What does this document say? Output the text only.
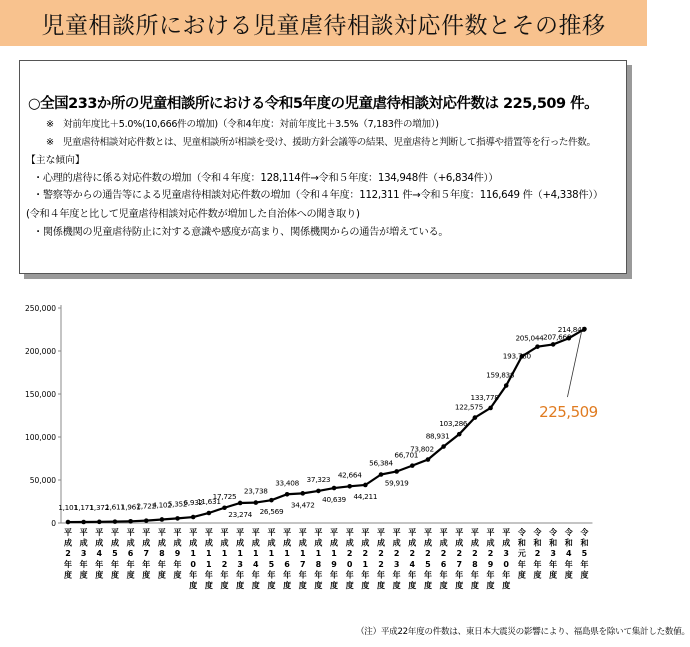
児童相談所における児童虐待相談対応件数とその推移
○全国233か所の児童相談所における令和5年度の児童虐待相談対応件数は 225,509 件。
※　対前年度比＋5.0%(10,666件の増加)（令和4年度：対前年度比＋3.5%（7,183件の増加）)
※　児童虐待相談対応件数とは、児童相談所が相談を受け、援助方針会議等の結果、児童虐待と判断して指導や措置等を行った件数。
【主な傾向】
・心理的虐待に係る対応件数の増加（令和４年度：128,114件→令和５年度：134,948件（+6,834件））
・警察等からの通告等による児童虐待相談対応件数の増加（令和４年度：112,311 件→令和５年度：116,649 件（+4,338件））
(令和４年度と比して児童虐待相談対応件数が増加した自治体への聞き取り)
・関係機関の児童虐待防止に対する意識や感度が高まり、関係機関からの通告が増えている。
0
50,000
100,000
150,000
200,000
250,000
平成 2 年度
平成 3 年度
平成 4 年度
平成 5 年度
平成 6 年度
平成 7 年度
平成 8 年度
平成 9 年度
平成 1 0 年度
平成 1 1 年度
平成 1 2 年度
平成 1 3 年度
平成 1 4 年度
平成 1 5 年度
平成 1 6 年度
平成 1 7 年度
平成 1 8 年度
平成 1 9 年度
平成 2 0 年度
平成 2 1 年度
平成 2 2 年度
平成 2 3 年度
平成 2 4 年度
平成 2 5 年度
平成 2 6 年度
平成 2 7 年度
平成 2 8 年度
平成 2 9 年度
平成 3 0 年度
令和元年度
令和 2 年度
令和 3 年度
令和 4 年度
令和 5 年度
1,101
1,171
1,372
1,611
1,961
2,722
4,102
5,352
6,932
11,631
17,725
23,274
23,738
26,569
33,408
34,472
37,323
40,639
42,664
44,211
56,384
59,919
66,701
73,802
88,931
103,286
122,575
133,778
159,838
193,780
205,044 207,660
214,843
225,509
（注）平成22年度の件数は、東日本大震災の影響により、福島県を除いて集計した数値。
